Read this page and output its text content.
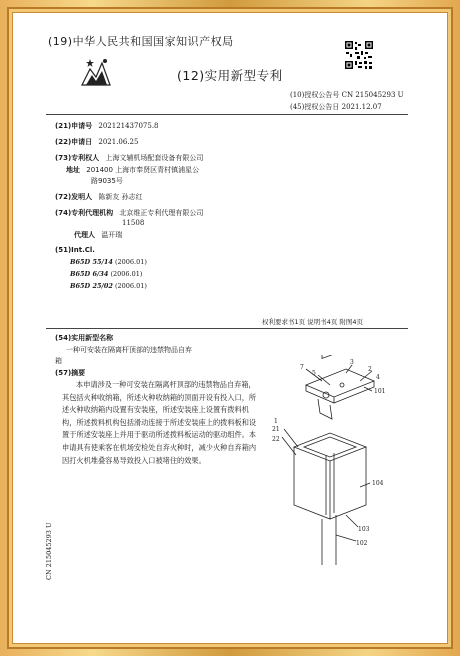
(19)中华人民共和国国家知识产权局
(12)实用新型专利
(10)授权公告号 CN 215045293 U
(45)授权公告日 2021.12.07
(21)申请号 202121437075.8
(22)申请日 2021.06.25
(73)专利权人 上海文辅机场配套设备有限公司
地址 201400 上海市奉贤区青村镇浦星公
路9035号
(72)发明人 陈新友 孙志红
(74)专利代理机构 北京维正专利代理有限公司
11508
代理人 温开瑞
(51)Int.Cl.
B65D 55/14 (2006.01)
B65D 6/34 (2006.01)
B65D 25/02 (2006.01)
权利要求书1页 说明书4页 附图4页
(54)实用新型名称
一种可安装在隔离杆顶部的违禁物品自弃
箱
(57)摘要
本申请涉及一种可安装在隔离杆顶部的违禁物品自弃箱，其包括火种收纳箱，所述火种收纳箱的顶面开设有投入口，所述火种收纳箱内设置有安装座，所述安装座上设置有拨料机构，所述拨料机构包括滑动连接于所述安装座上的拨料板和设置于所述安装座上并用于驱动所述拨料板运动的驱动组件。本申请具有使乘客在机场安检处自弃火种时，减少火种自弃箱内因打火机堆叠容易导致投入口被堵住的效果。
CN 215045293 U
7
5
3
2
101
4
1
21
22
104
103
102
